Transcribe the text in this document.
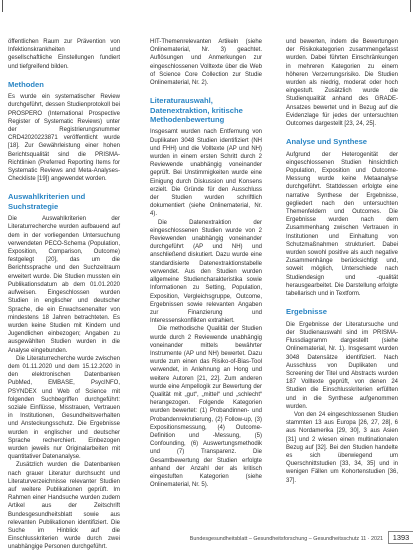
öffentlichen Raum zur Prävention von Infektionskrankheiten und gesellschaftliche Einstellungen fundiert und tiefgreifend bilden.

Methoden

Es wurde ein systematischer Review durchgeführt, dessen Studienprotokoll bei PROSPERO (International Prospective Register of Systematic Reviews) unter der Registrierungsnummer CRD42020223871 veröffentlicht wurde [18]. Zur Gewährleistung einer hohen Berichtsqualität sind die PRISMA-Richtlinien (Preferred Reporting Items for Systematic Reviews and Meta-Analyses-Checkliste [19]) angewendet worden.

Auswahlkriterien und Suchstrategie

Die Auswahlkriterien der Literaturrecherche wurden aufbauend auf dem in der vorliegenden Untersuchung verwendeten PECO-Schema (Population, Exposition, Comparison, Outcome) festgelegt [20], das um die Berichtssprache und den Suchzeitraum erweitert wurde. Die Studien mussten ein Publikationsdatum ab dem 01.01.2020 aufweisen. Eingeschlossen wurden Studien in englischer und deutscher Sprache, die ein Erwachsenenalter von mindestens 18 Jahren betrachteten. Es wurden keine Studien mit Kindern und Jugendlichen einbezogen; Angaben zu ausgewählten Studien wurden in die Analyse eingebunden.

Die Literaturrecherche wurde zwischen dem 01.11.2020 und dem 15.12.2020 in den elektronischen Datenbanken PubMed, EMBASE, PsycINFO, PSYNDEX und Web of Science mit folgenden Suchbegriffen durchgeführt: soziale Einflüsse, Misstrauen, Vertrauen in Institutionen, Gesundheitsverhalten und Ansteckungsschutz. Die Ergebnisse wurden in englischer und deutscher Sprache recherchiert. Einbezogen wurden jeweils nur Originalarbeiten mit quantitativer Datenanalyse.

Zusätzlich wurden die Datenbanken nach grauer Literatur durchsucht und Literaturverzeichnisse relevanter Studien auf weitere Publikationen geprüft. Im Rahmen einer Handsuche wurden zudem Artikel aus der Zeitschrift Bundesgesundheitsblatt sowie aus relevanten Publikationen identifiziert. Die Suche im Hinblick auf die Einschlusskriterien wurde durch zwei unabhängige Personen durchgeführt.

HIT-Themenrelevanten Artikeln (siehe Onlinematerial, Nr. 3) geachtet. Auflösungen und Anmerkungen zur eingeschlossenen Volltexte über die Web of Science Core Collection zur Studie Onlinematerial, Nr. 2).

Literaturauswahl, Datenextraktion, kritische Methodenbewertung

Insgesamt wurden nach Entfernung von Duplikaten 3048 Studien identifiziert (NH und FHH) und die Volltexte (AP und NH) wurden in einem ersten Schritt durch 2 Reviewende unabhängig voneinander geprüft. Bei Unstimmigkeiten wurde eine Einigung durch Diskussion und Konsens erzielt. Die Gründe für den Ausschluss der Studien wurden schriftlich dokumentiert (siehe Onlinematerial, Nr. 4).

Die Datenextraktion der eingeschlossenen Studien wurde von 2 Reviewenden unabhängig voneinander durchgeführt (AP und NH) und anschließend diskutiert. Dazu wurde eine standardisierte Datenextraktionstabelle verwendet. Aus den Studien wurden allgemeine Studiencharakteristika sowie Informationen zu Setting, Population, Exposition, Vergleichsgruppe, Outcome, Ergebnissen sowie relevanten Angaben zur Finanzierung und Interessenskonflikten extrahiert.

Die methodische Qualität der Studien wurde durch 2 Reviewende unabhängig voneinander mittels bewährter Instrumente (AP und NH) bewertet. Dazu wurde zum einen das Risiko-of-Bias-Tool verwendet, in Anlehnung an Hong und weitere Autoren [21, 22]. Zum anderen wurde eine Ampellogik zur Bewertung der Qualität mit „gut“, „mittel“ und „schlecht“ herangezogen. Folgende Kategorien wurden bewertet: (1) Probandinnen- und Probandenrekrutierung, (2) Follow-up, (3) Expositionsmessung, (4) Outcome-Definition und -Messung, (5) Confounding, (6) Auswertungsmethodik und (7) Transparenz. Die Gesamtbewertung der Studien erfolgte anhand der Anzahl der als kritisch eingestuften Kategorien (siehe Onlinematerial, Nr. 5).

und bewerten, indem die Bewertungen der Risikokategorien zusammengefasst wurden. Dabei führten Einschränkungen in mehreren Kategorien zu einem höheren Verzerrungsrisiko. Die Studien wurden als niedrig, moderat oder hoch eingestuft. Zusätzlich wurde die Studienqualität anhand des GRADE-Ansatzes bewertet und in Bezug auf die Evidenzlage für jedes der untersuchten Outcomes dargestellt [23, 24, 25].

Analyse und Synthese

Aufgrund der Heterogenität der eingeschlossenen Studien hinsichtlich Population, Exposition und Outcome-Messung wurde keine Metaanalyse durchgeführt. Stattdessen erfolgte eine narrative Synthese der Ergebnisse, gegliedert nach den untersuchten Themenfeldern und Outcomes. Die Ergebnisse wurden nach dem Zusammenhang zwischen Vertrauen in Institutionen und Einhaltung von Schutzmaßnahmen strukturiert. Dabei wurden sowohl positive als auch negative Zusammenhänge berücksichtigt und, soweit möglich, Unterschiede nach Studiendesign und -qualität herausgearbeitet. Die Darstellung erfolgte tabellarisch und in Textform.

Ergebnisse

Die Ergebnisse der Literatursuche und der Studienauswahl sind im PRISMA-Flussdiagramm dargestellt (siehe Onlinematerial, Nr. 1). Insgesamt wurden 3048 Datensätze identifiziert. Nach Ausschluss von Duplikaten und Screening der Titel und Abstracts wurden 187 Volltexte geprüft, von denen 24 Studien die Einschlusskriterien erfüllten und in die Synthese aufgenommen wurden.

Von den 24 eingeschlossenen Studien stammten 13 aus Europa [26, 27, 28], 6 aus Nordamerika [29, 30], 3 aus Asien [31] und 2 wiesen einen multinationalen Bezug auf [32]. Bei den Studien handelte es sich überwiegend um Querschnittstudien [33, 34, 35] und in wenigen Fällen um Kohortenstudien [36, 37].

Bundesgesundheitsblatt – Gesundheitsforschung – Gesundheitsschutz 11 · 2021	1393
